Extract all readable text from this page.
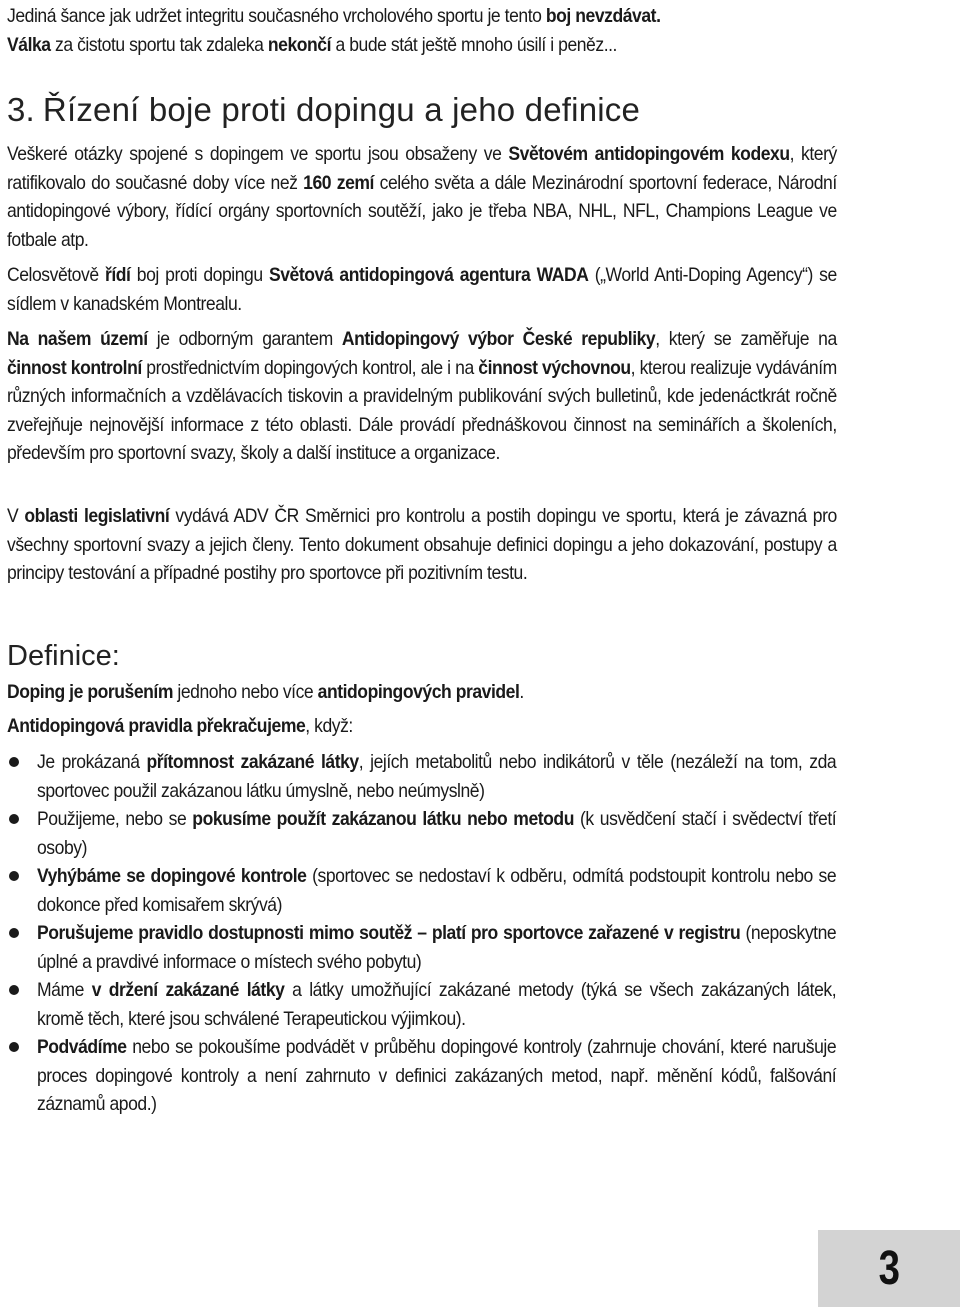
Jediná šance jak udržet integritu současného vrcholového sportu je tento boj nevzdávat.
Válka za čistotu sportu tak zdaleka nekončí a bude stát ještě mnoho úsilí i peněz...

3. Řízení boje proti dopingu a jeho definice

Veškeré otázky spojené s dopingem ve sportu jsou obsaženy ve Světovém antidopingovém kodexu, který ratifikovalo do současné doby více než 160 zemí celého světa a dále Mezinárodní sportovní federace, Národní antidopingové výbory, řídící orgány sportovních soutěží, jako je třeba NBA, NHL, NFL, Champions League ve fotbale atp.

Celosvětově řídí boj proti dopingu Světová antidopingová agentura WADA („World Anti-Doping Agency“) se sídlem v kanadském Montrealu.

Na našem území je odborným garantem Antidopingový výbor České republiky, který se zaměřuje na činnost kontrolní prostřednictvím dopingových kontrol, ale i na činnost výchovnou, kterou realizuje vydáváním různých informačních a vzdělávacích tiskovin a pravidelným publikování svých bulletinů, kde jedenáctkrát ročně zveřejňuje nejnovější informace z této oblasti. Dále provádí přednáškovou činnost na seminářích a školeních, především pro sportovní svazy, školy a další instituce a organizace.

V oblasti legislativní vydává ADV ČR Směrnici pro kontrolu a postih dopingu ve sportu, která je závazná pro všechny sportovní svazy a jejich členy. Tento dokument obsahuje definici dopingu a jeho dokazování, postupy a principy testování a případné postihy pro sportovce při pozitivním testu.

Definice:

Doping je porušením jednoho nebo více antidopingových pravidel.

Antidopingová pravidla překračujeme, když:

Je prokázaná přítomnost zakázané látky, jejích metabolitů nebo indikátorů v těle (nezáleží na tom, zda sportovec použil zakázanou látku úmyslně, nebo neúmyslně)
Použijeme, nebo se pokusíme použít zakázanou látku nebo metodu (k usvědčení stačí i svědectví třetí osoby)
Vyhýbáme se dopingové kontrole (sportovec se nedostaví k odběru, odmítá podstoupit kontrolu nebo se dokonce před komisařem skrývá)
Porušujeme pravidlo dostupnosti mimo soutěž – platí pro sportovce zařazené v registru (neposkytne úplné a pravdivé informace o místech svého pobytu)
Máme v držení zakázané látky a látky umožňující zakázané metody (týká se všech zakázaných látek, kromě těch, které jsou schválené Terapeutickou výjimkou).
Podvádíme nebo se pokoušíme podvádět v průběhu dopingové kontroly (zahrnuje chování, které narušuje proces dopingové kontroly a není zahrnuto v definici zakázaných metod, např. měnění kódů, falšování záznamů apod.)
3
